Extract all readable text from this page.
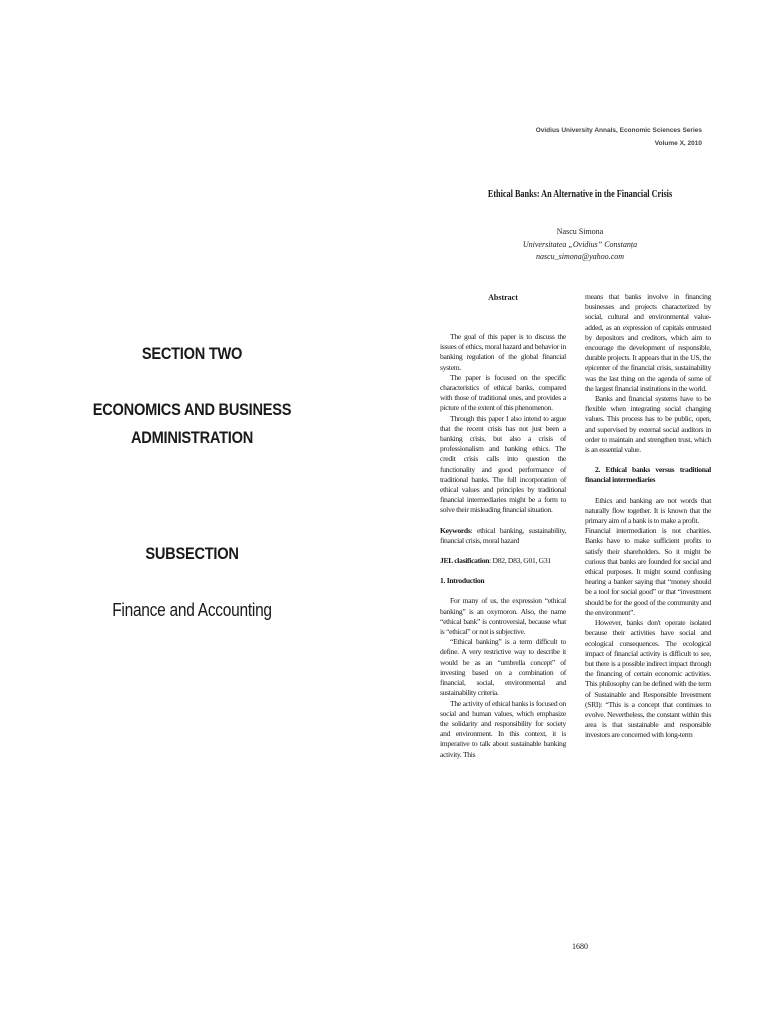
SECTION TWO
ECONOMICS AND BUSINESS
ADMINISTRATION
SUBSECTION
Finance and Accounting
Ovidius University Annals, Economic Sciences Series
Volume X, 2010
Ethical Banks: An Alternative in the Financial Crisis
Nascu Simona
Universitatea „Ovidius” Constanța
nascu_simona@yahoo.com
Abstract

The goal of this paper is to discuss the issues of ethics, moral hazard and behavior in banking regulation of the global financial system.

The paper is focused on the specific characteristics of ethical banks, compared with those of traditional ones, and provides a picture of the extent of this phenomenon.

Through this paper I also intend to argue that the recent crisis has not just been a banking crisis, but also a crisis of professionalism and banking ethics. The credit crisis calls into question the functionality and good performance of traditional banks. The full incorporation of ethical values and principles by traditional financial intermediaries might be a form to solve their misleading financial situation.

Keywords: ethical banking, sustainability, financial crisis, moral hazard

JEL clasification: D82, D83, G01, G31

1. Introduction

For many of us, the expression “ethical banking” is an oxymoron. Also, the name “ethical bank” is controversial, because what is “ethical” or not is subjective.

“Ethical banking” is a term difficult to define. A very restrictive way to describe it would be as an “umbrella concept” of investing based on a combination of financial, social, environmental and sustainability criteria.

The activity of ethical banks is focused on social and human values, which emphasize the solidarity and responsibility for society and environment. In this context, it is imperative to talk about sustainable banking activity. This

means that banks involve in financing businesses and projects characterized by social, cultural and environmental value-added, as an expression of capitals entrusted by depositors and creditors, which aim to encourage the development of responsible, durable projects. It appears that in the US, the epicenter of the financial crisis, sustainability was the last thing on the agenda of some of the largest financial institutions in the world.

Banks and financial systems have to be flexible when integrating social changing values. This process has to be public, open, and supervised by external social auditors in order to maintain and strengthen trust, which is an essential value.

2. Ethical banks versus traditional financial intermediaries

Ethics and banking are not words that naturally flow together. It is known that the primary aim of a bank is to make a profit.

Financial intermediation is not charities. Banks have to make sufficient profits to satisfy their shareholders. So it might be curious that banks are founded for social and ethical purposes. It might sound confusing hearing a banker saying that “money should be a tool for social good” or that “investment should be for the good of the community and the environment”.

However, banks don't operate isolated because their activities have social and ecological consequences. The ecological impact of financial activity is difficult to see, but there is a possible indirect impact through the financing of certain economic activities. This philosophy can be defined with the term of Sustainable and Responsible Investment (SRI): “This is a concept that continues to evolve. Nevertheless, the constant within this area is that sustainable and responsible investors are concerned with long-term

1680
